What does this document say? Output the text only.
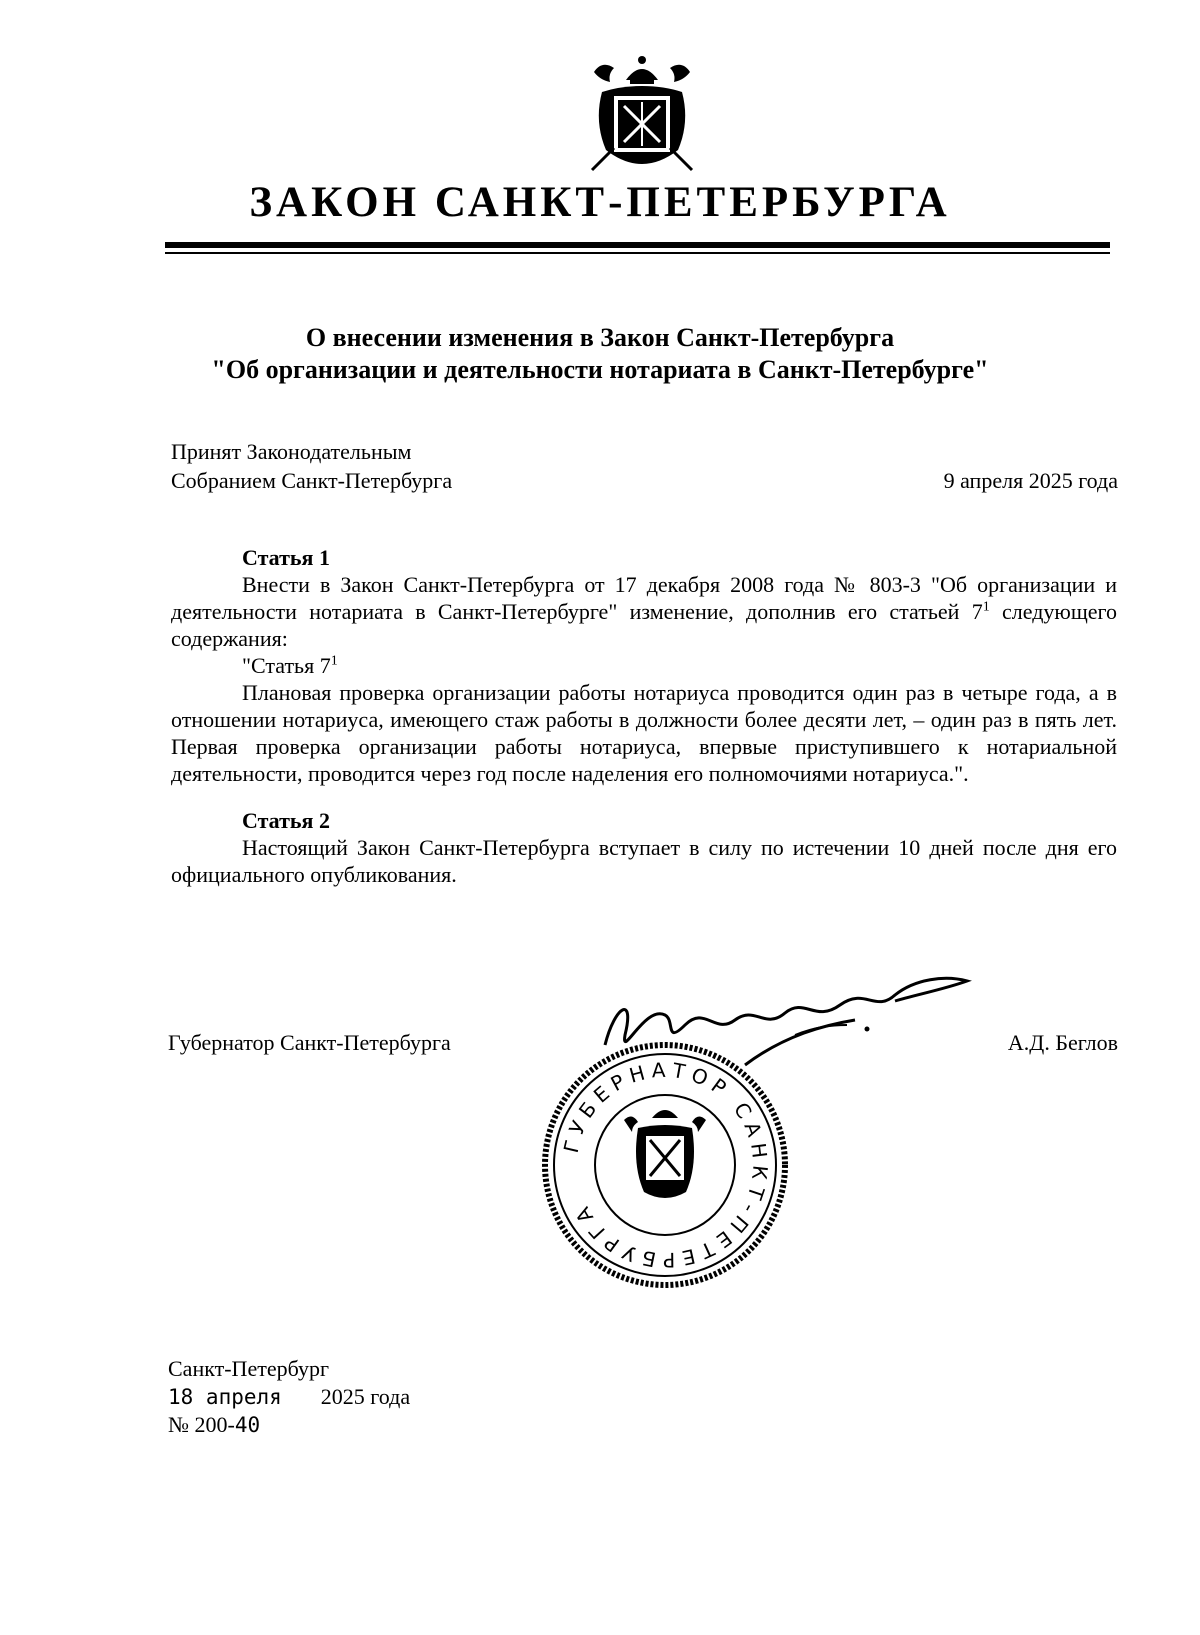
ЗАКОН САНКТ-ПЕТЕРБУРГА
О внесении изменения в Закон Санкт-Петербурга
"Об организации и деятельности нотариата в Санкт-Петербурге"
Принят Законодательным
Собранием Санкт-Петербурга	9 апреля 2025 года

Статья 1

Внести в Закон Санкт-Петербурга от 17 декабря 2008 года № 803-3 "Об организации и деятельности нотариата в Санкт-Петербурге" изменение, дополнив его статьей $7^1$ следующего содержания:

"Статья $7^1$

Плановая проверка организации работы нотариуса проводится один раз в четыре года, а в отношении нотариуса, имеющего стаж работы в должности более десяти лет, – один раз в пять лет. Первая проверка организации работы нотариуса, впервые приступившего к нотариальной деятельности, проводится через год после наделения его полномочиями нотариуса.".

Статья 2

Настоящий Закон Санкт-Петербурга вступает в силу по истечении 10 дней после дня его официального опубликования.

Губернатор Санкт-Петербурга	А.Д. Беглов
ГУБЕРНАТОР САНКТ-ПЕТЕРБУРГА
Санкт-Петербург
18 апреля 2025 года
№ 200-40
